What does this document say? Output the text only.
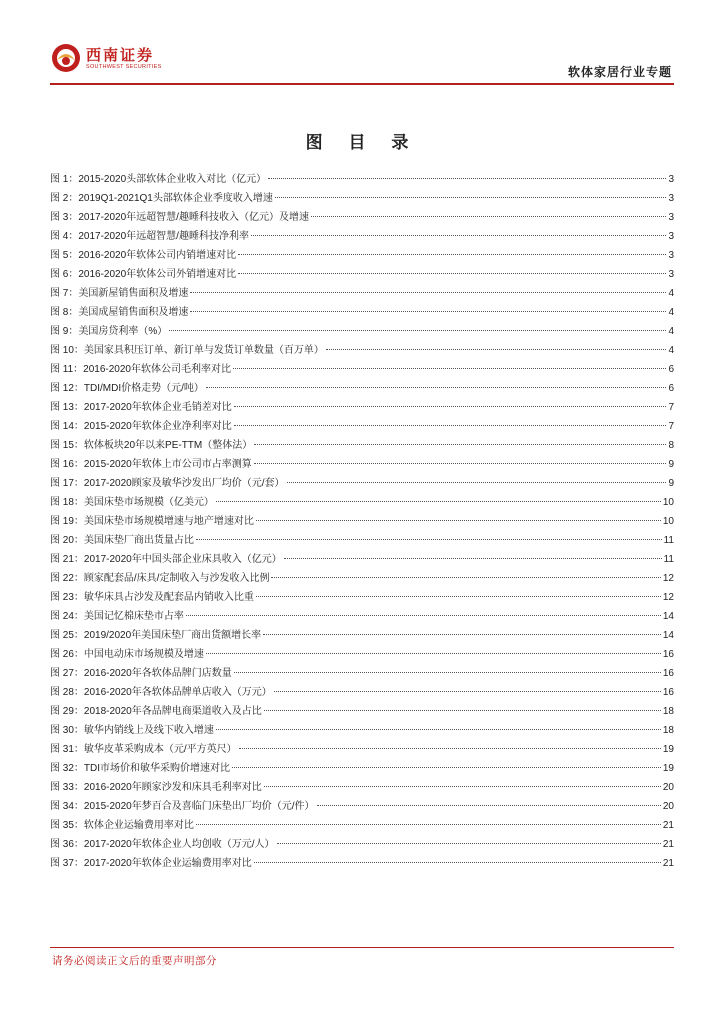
西南证券
SOUTHWEST SECURITIES	软体家居行业专题
图 目 录
图 1：2015-2020头部软体企业收入对比（亿元）	3
图 2：2019Q1-2021Q1头部软体企业季度收入增速	3
图 3：2017-2020年远超智慧/趣睡科技收入（亿元）及增速	3
图 4：2017-2020年远超智慧/趣睡科技净利率	3
图 5：2016-2020年软体公司内销增速对比	3
图 6：2016-2020年软体公司外销增速对比	3
图 7：美国新屋销售面积及增速	4
图 8：美国成屋销售面积及增速	4
图 9：美国房贷利率（%）	4
图 10：美国家具积压订单、新订单与发货订单数量（百万单）	4
图 11：2016-2020年软体公司毛利率对比	6
图 12：TDI/MDI价格走势（元/吨）	6
图 13：2017-2020年软体企业毛销差对比	7
图 14：2015-2020年软体企业净利率对比	7
图 15：软体板块20年以来PE-TTM（整体法）	8
图 16：2015-2020年软体上市公司市占率测算	9
图 17：2017-2020顾家及敏华沙发出厂均价（元/套）	9
图 18：美国床垫市场规模（亿美元）	10
图 19：美国床垫市场规模增速与地产增速对比	10
图 20：美国床垫厂商出货量占比	11
图 21：2017-2020年中国头部企业床具收入（亿元）	11
图 22：顾家配套品/床具/定制收入与沙发收入比例	12
图 23：敏华床具占沙发及配套品内销收入比重	12
图 24：美国记忆棉床垫市占率	14
图 25：2019/2020年美国床垫厂商出货额增长率	14
图 26：中国电动床市场规模及增速	16
图 27：2016-2020年各软体品牌门店数量	16
图 28：2016-2020年各软体品牌单店收入（万元）	16
图 29：2018-2020年各品牌电商渠道收入及占比	18
图 30：敏华内销线上及线下收入增速	18
图 31：敏华皮革采购成本（元/平方英尺）	19
图 32：TDI市场价和敏华采购价增速对比	19
图 33：2016-2020年顾家沙发和床具毛利率对比	20
图 34：2015-2020年梦百合及喜临门床垫出厂均价（元/件）	20
图 35：软体企业运输费用率对比	21
图 36：2017-2020年软体企业人均创收（万元/人）	21
图 37：2017-2020年软体企业运输费用率对比	21
请务必阅读正文后的重要声明部分
